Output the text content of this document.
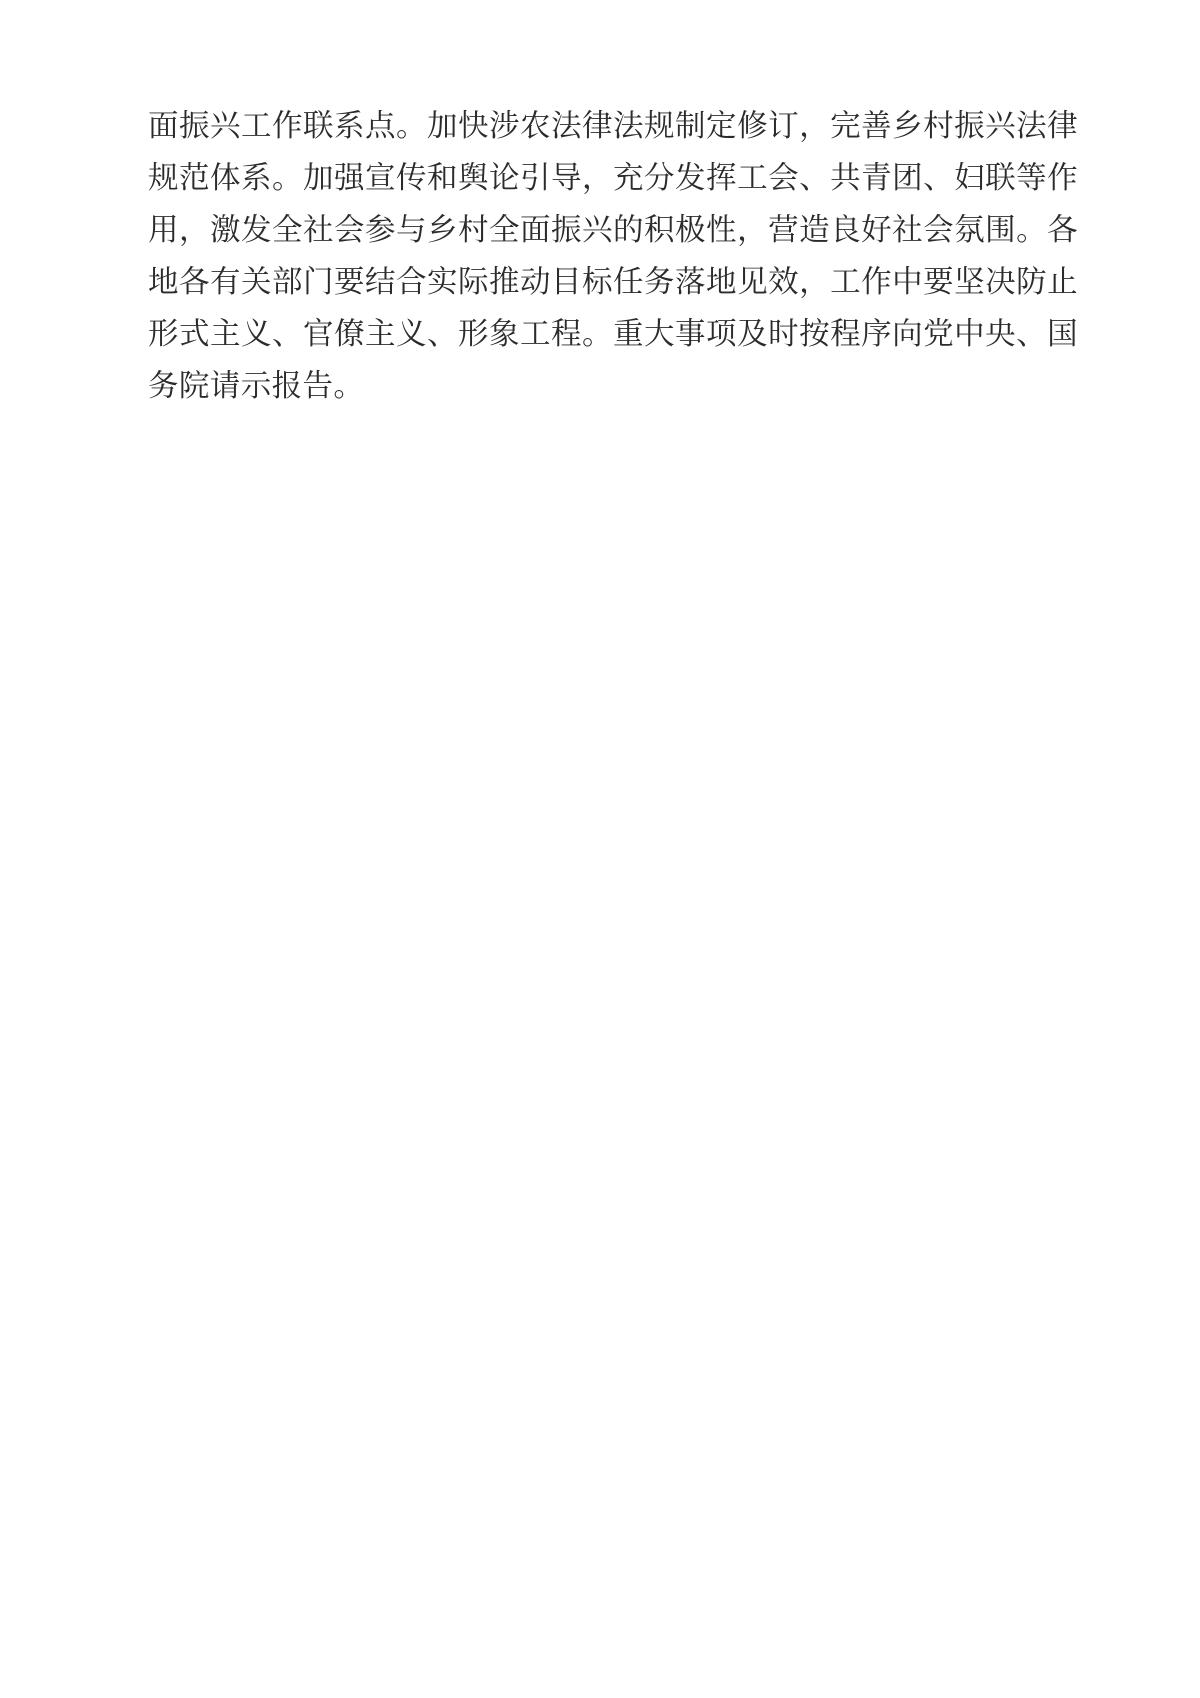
面振兴工作联系点。加快涉农法律法规制定修订，完善乡村振兴法律规范体系。加强宣传和舆论引导，充分发挥工会、共青团、妇联等作用，激发全社会参与乡村全面振兴的积极性，营造良好社会氛围。各地各有关部门要结合实际推动目标任务落地见效，工作中要坚决防止形式主义、官僚主义、形象工程。重大事项及时按程序向党中央、国务院请示报告。
